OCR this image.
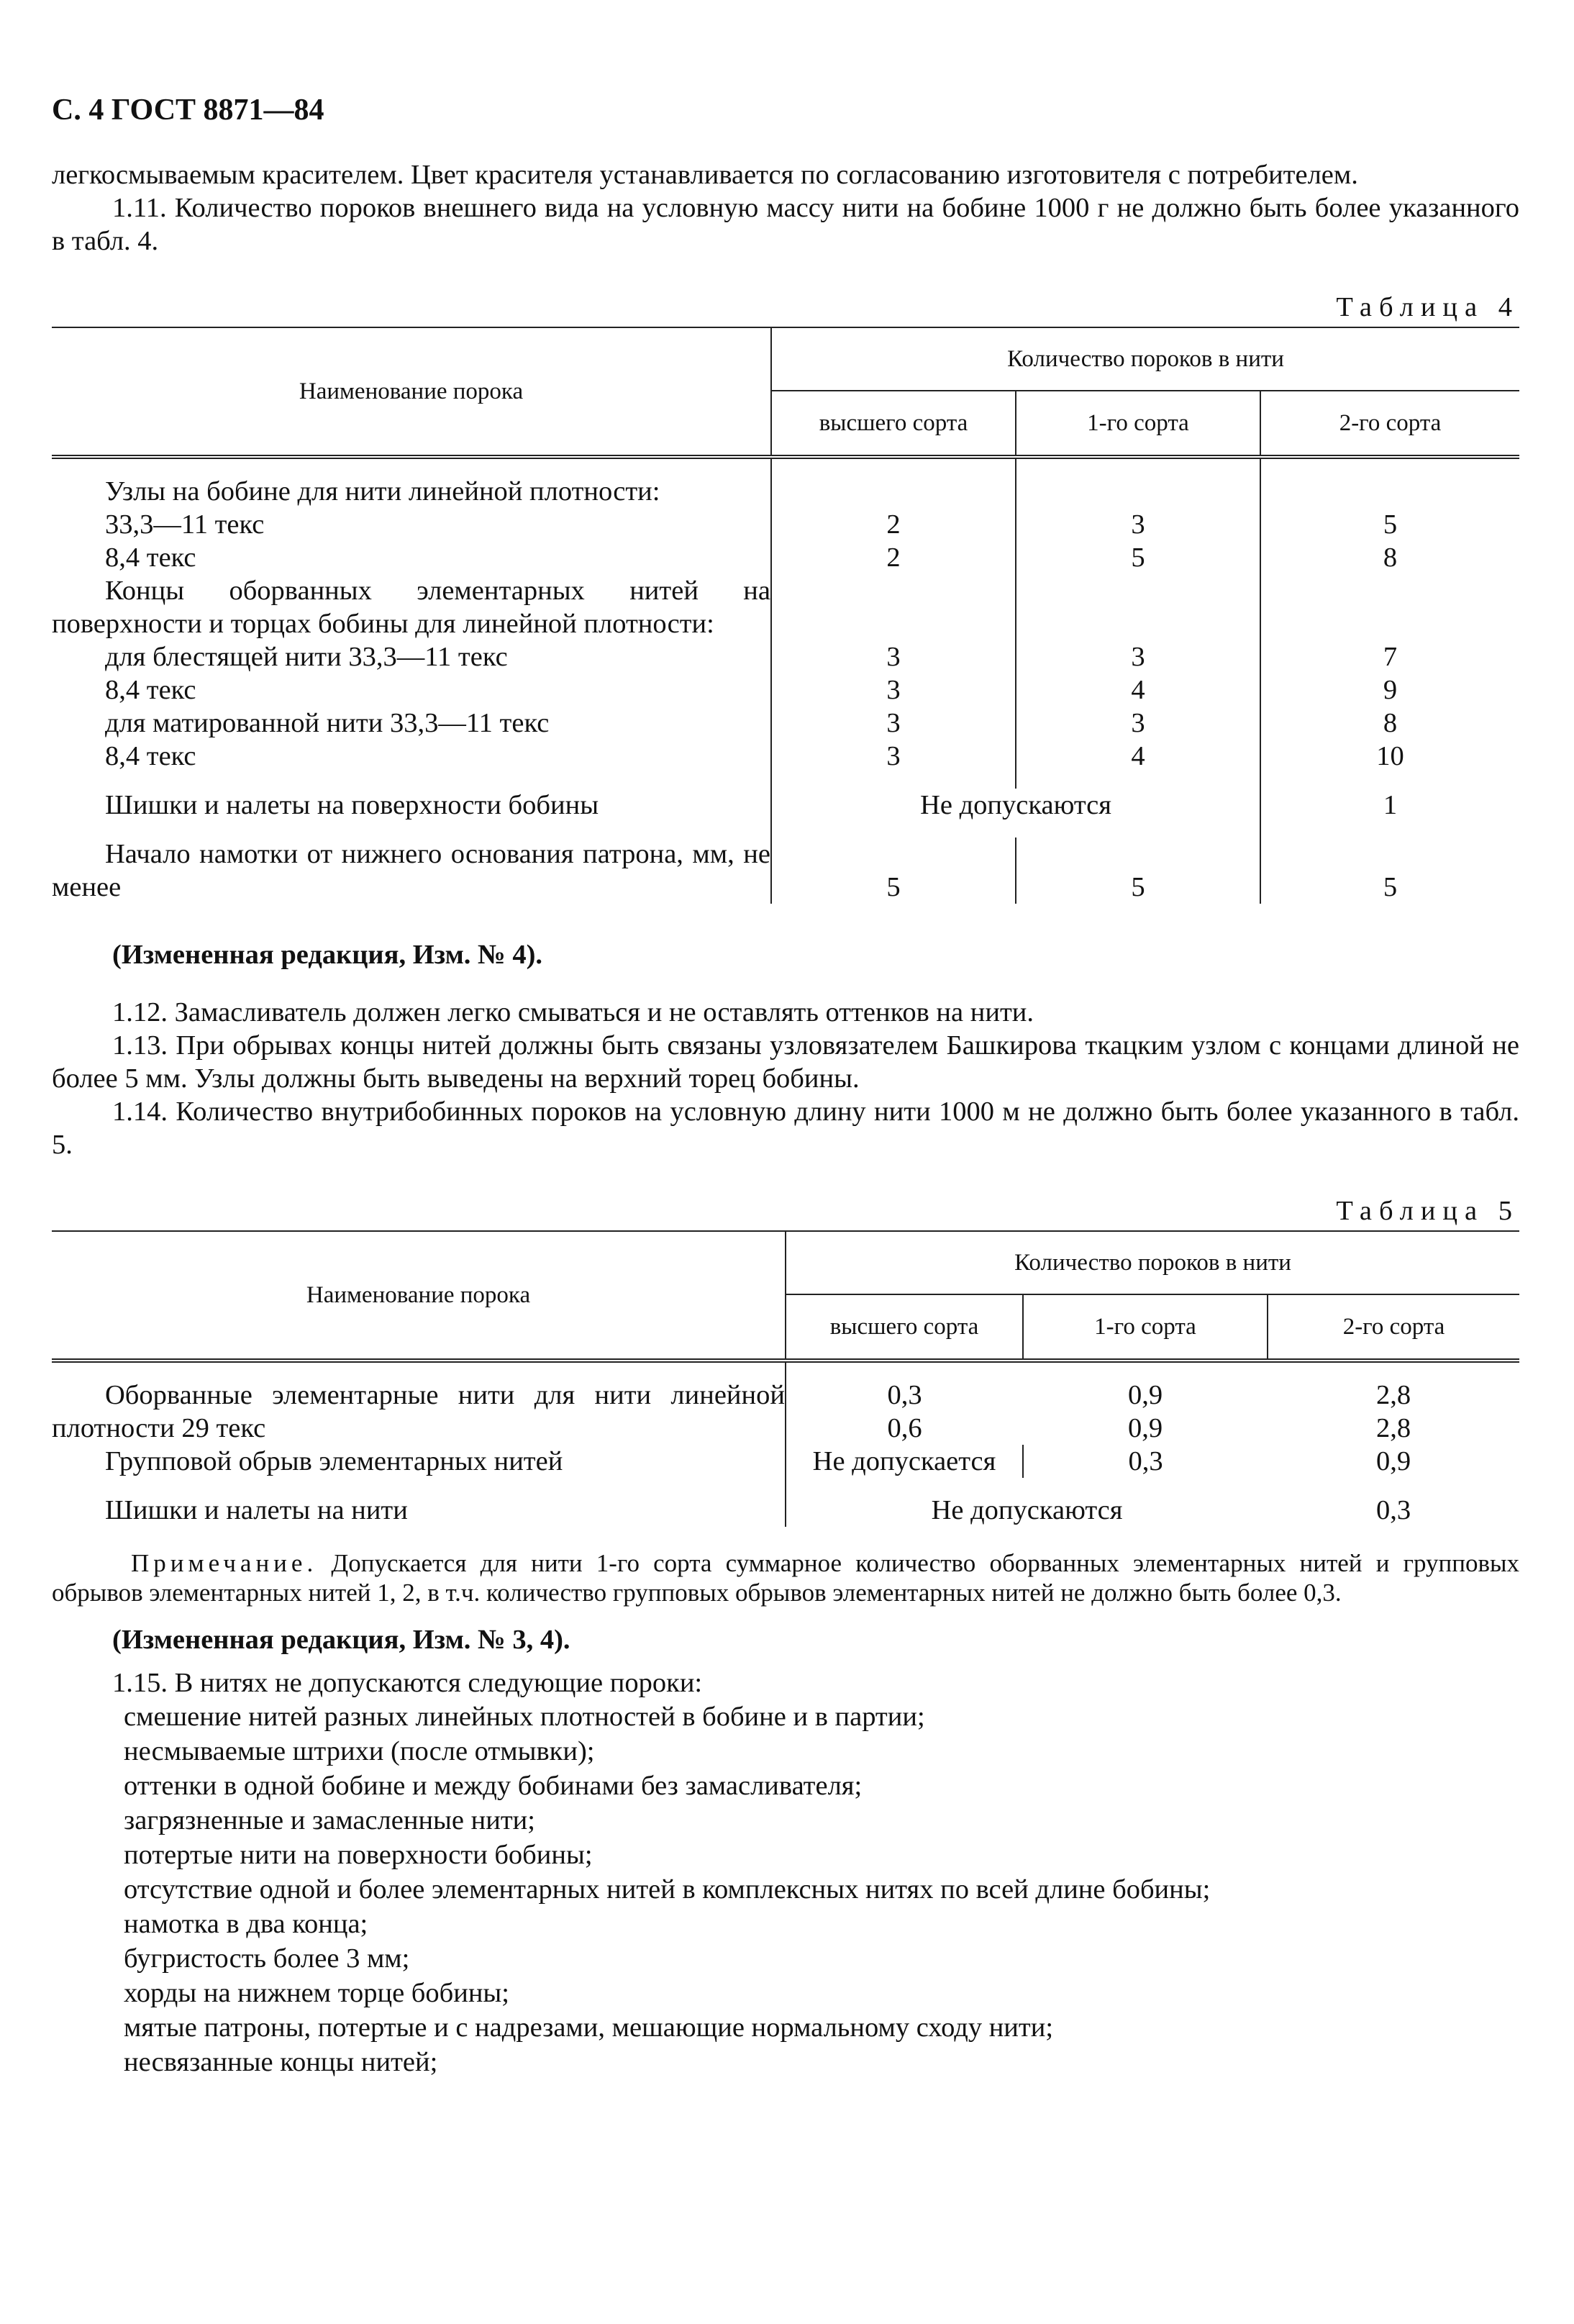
С. 4 ГОСТ 8871—84

легкосмываемым красителем. Цвет красителя устанавливается по согласованию изготовителя с потребителем.

1.11. Количество пороков внешнего вида на условную массу нити на бобине 1000 г не должно быть более указанного в табл. 4.

Таблица 4
Наименование порока	Количество пороков в нити		
	высшего сорта	1-го сорта	2-го сорта

Узлы на бобине для нити линейной плотности:			
33,3—11 текс	2	3	5
8,4 текс	2	5	8
Концы оборванных элементарных нитей на поверхности и торцах бобины для линейной плотности:			
для блестящей нити 33,3—11 текс	3	3	7
8,4 текс	3	4	9
для матированной нити 33,3—11 текс	3	3	8
8,4 текс	3	4	10

Шишки и налеты на поверхности бобины	Не допускаются		1

Начало намотки от нижнего основания патрона, мм, не менее	5	5	5
(Измененная редакция, Изм. № 4).

1.12. Замасливатель должен легко смываться и не оставлять оттенков на нити.

1.13. При обрывах концы нитей должны быть связаны узловязателем Башкирова ткацким узлом с концами длиной не более 5 мм. Узлы должны быть выведены на верхний торец бобины.

1.14. Количество внутрибобинных пороков на условную длину нити 1000 м не должно быть более указанного в табл. 5.

Таблица 5
Наименование порока	Количество пороков в нити		
	высшего сорта	1-го сорта	2-го сорта

Оборванные элементарные нити для нити линейной плотности 29 текс	0,3	0,9	2,8
	0,6	0,9	2,8
Групповой обрыв элементарных нитей	Не допускается	0,3	0,9

Шишки и налеты на нити	Не допускаются		0,3
Примечание. Допускается для нити 1-го сорта суммарное количество оборванных элементарных нитей и групповых обрывов элементарных нитей 1, 2, в т.ч. количество групповых обрывов элементарных нитей не должно быть более 0,3.
(Измененная редакция, Изм. № 3, 4).

1.15. В нитях не допускаются следующие пороки:

смешение нитей разных линейных плотностей в бобине и в партии;
несмываемые штрихи (после отмывки);
оттенки в одной бобине и между бобинами без замасливателя;
загрязненные и замасленные нити;
потертые нити на поверхности бобины;
отсутствие одной и более элементарных нитей в комплексных нитях по всей длине бобины;
намотка в два конца;
бугристость более 3 мм;
хорды на нижнем торце бобины;
мятые патроны, потертые и с надрезами, мешающие нормальному сходу нити;
несвязанные концы нитей;
